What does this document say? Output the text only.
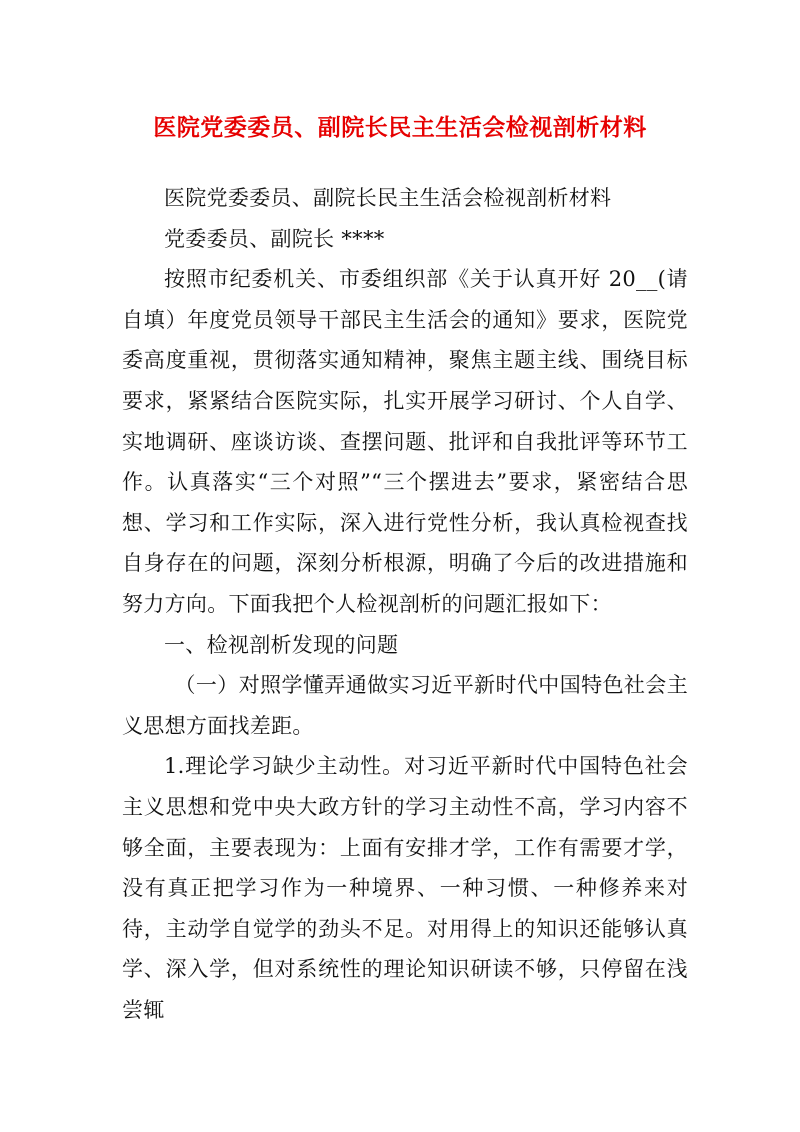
医院党委委员、副院长民主生活会检视剖析材料

医院党委委员、副院长民主生活会检视剖析材料

党委委员、副院长 ****

按照市纪委机关、市委组织部《关于认真开好 20__(请自填）年度党员领导干部民主生活会的通知》要求，医院党委高度重视，贯彻落实通知精神，聚焦主题主线、围绕目标要求，紧紧结合医院实际，扎实开展学习研讨、个人自学、实地调研、座谈访谈、查摆问题、批评和自我批评等环节工作。认真落实“三个对照”“三个摆进去”要求，紧密结合思想、学习和工作实际，深入进行党性分析，我认真检视查找自身存在的问题，深刻分析根源，明确了今后的改进措施和努力方向。下面我把个人检视剖析的问题汇报如下：

一、检视剖析发现的问题

（一）对照学懂弄通做实习近平新时代中国特色社会主义思想方面找差距。

1.理论学习缺少主动性。对习近平新时代中国特色社会主义思想和党中央大政方针的学习主动性不高，学习内容不够全面，主要表现为：上面有安排才学，工作有需要才学，没有真正把学习作为一种境界、一种习惯、一种修养来对待，主动学自觉学的劲头不足。对用得上的知识还能够认真学、深入学，但对系统性的理论知识研读不够，只停留在浅尝辄
